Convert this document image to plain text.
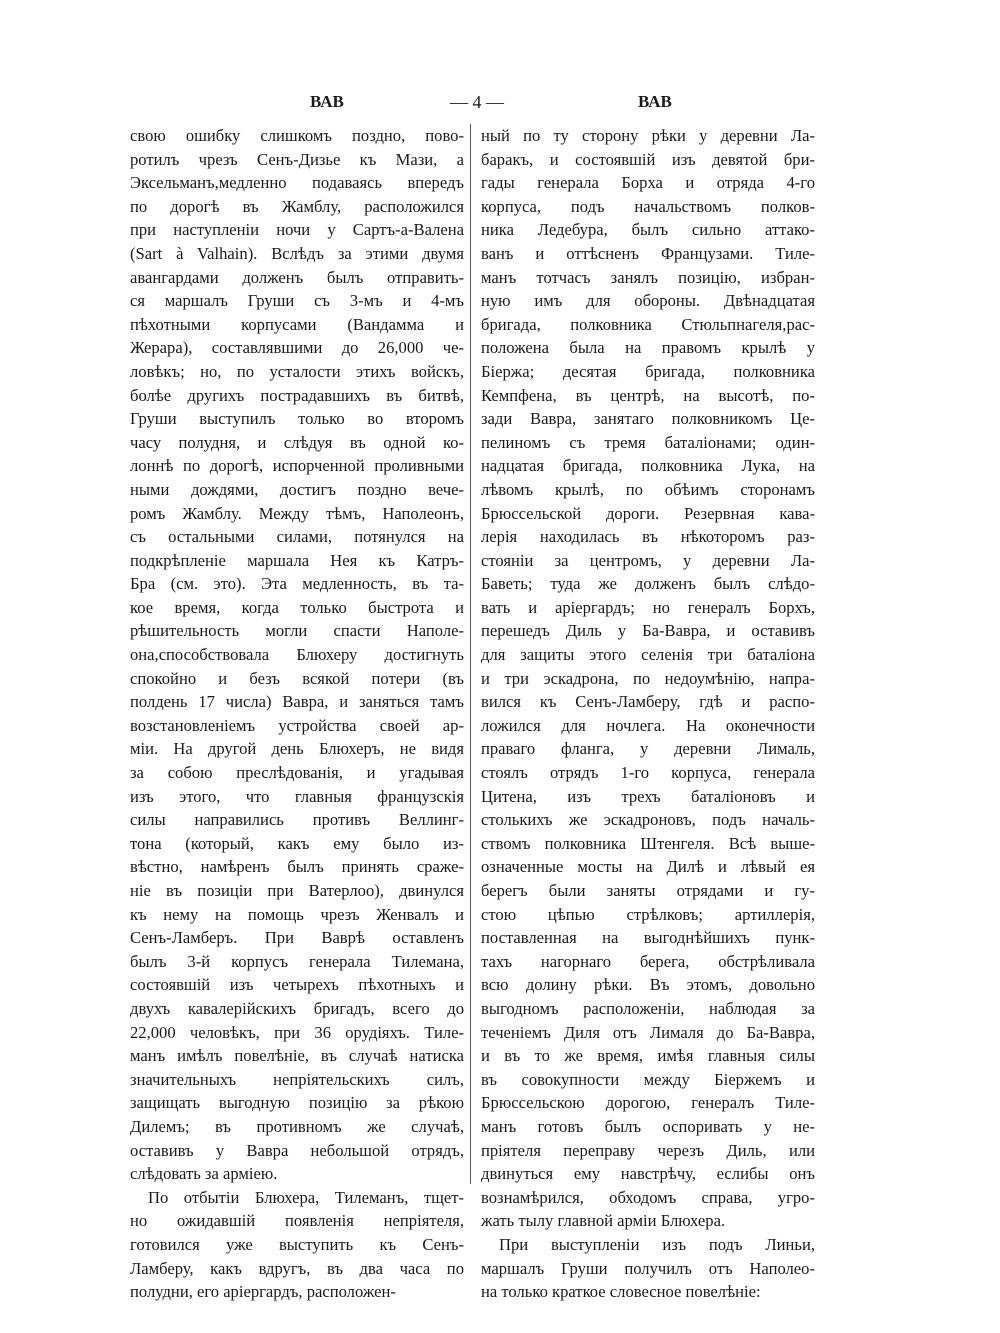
ВАВ	— 4 —	ВАВ
свою ошибку слишкомъ поздно, пово-
ротилъ чрезъ Сенъ-Дизье къ Мази, а
Эксельманъ,медленно подаваясь впередъ
по дорогѣ въ Жамблу, расположился
при наступленіи ночи у Сартъ-а-Валена
(Sart à Valhain). Вслѣдъ за этими двумя
авангардами долженъ былъ отправить-
ся маршалъ Груши съ 3-мъ и 4-мъ
пѣхотными корпусами (Вандамма и
Жерара), составлявшими до 26,000 че-
ловѣкъ; но, по усталости этихъ войскъ,
болѣе другихъ пострадавшихъ въ битвѣ,
Груши выступилъ только во второмъ
часу полудня, и слѣдуя въ одной ко-
лоннѣ по дорогѣ, испорченной проливными
ными дождями, достигъ поздно вече-
ромъ Жамблу. Между тѣмъ, Наполеонъ,
съ остальными силами, потянулся на
подкрѣпленіе маршала Нея къ Катръ-
Бра (см. это). Эта медленность, въ та-
кое время, когда только быстрота и
рѣшительность могли спасти Наполе-
она,способствовала Блюхеру достигнуть
спокойно и безъ всякой потери (въ
полдень 17 числа) Вавра, и заняться тамъ
возстановленіемъ устройства своей ар-
міи. На другой день Блюхеръ, не видя
за собою преслѣдованія, и угадывая
изъ этого, что главныя французскія
силы направились противъ Веллинг-
тона (который, какъ ему было из-
вѣстно, намѣренъ былъ принять сраже-
ніе въ позиціи при Ватерлоо), двинулся
къ нему на помощь чрезъ Женвалъ и
Сенъ-Ламберъ. При Ваврѣ оставленъ
былъ 3-й корпусъ генерала Тилемана,
состоявшій изъ четырехъ пѣхотныхъ и
двухъ кавалерійскихъ бригадъ, всего до
22,000 человѣкъ, при 36 орудіяхъ. Тиле-
манъ имѣлъ повелѣніе, въ случаѣ натиска
значительныхъ непріятельскихъ силъ,
защищать выгодную позицію за рѣкою
Дилемъ; въ противномъ же случаѣ,
оставивъ у Вавра небольшой отрядъ,
слѣдовать за арміею.
По отбытіи Блюхера, Тилеманъ, тщет-
но ожидавшій появленія непріятеля,
готовился уже выступить къ Сенъ-
Ламберу, какъ вдругъ, въ два часа по
полудни, его аріергардъ, расположен-
ный по ту сторону рѣки у деревни Ла-
баракъ, и состоявшій изъ девятой бри-
гады генерала Борха и отряда 4-го
корпуса, подъ начальствомъ полков-
ника Ледебура, былъ сильно аттако-
ванъ и оттѣсненъ Французами. Тиле-
манъ тотчасъ занялъ позицію, избран-
ную имъ для обороны. Двѣнадцатая
бригада, полковника Стюльпнагеля,рас-
положена была на правомъ крылѣ у
Біержа; десятая бригада, полковника
Кемпфена, въ центрѣ, на высотѣ, по-
зади Вавра, занятаго полковникомъ Це-
пелиномъ съ тремя баталіонами; один-
надцатая бригада, полковника Лука, на
лѣвомъ крылѣ, по обѣимъ сторонамъ
Брюссельской дороги. Резервная кава-
лерія находилась въ нѣкоторомъ раз-
стояніи за центромъ, у деревни Ла-
Баветь; туда же долженъ былъ слѣдо-
вать и аріергардъ; но генералъ Борхъ,
перешедъ Диль у Ба-Вавра, и оставивъ
для защиты этого селенія три баталіона
и три эскадрона, по недоумѣнію, напра-
вился къ Сенъ-Ламберу, гдѣ и распо-
ложился для ночлега. На оконечности
праваго фланга, у деревни Лималь,
стоялъ отрядъ 1-го корпуса, генерала
Цитена, изъ трехъ баталіоновъ и
столькихъ же эскадроновъ, подъ началь-
ствомъ полковника Штенгеля. Всѣ выше-
означенные мосты на Дилѣ и лѣвый ея
берегъ были заняты отрядами и гу-
стою цѣпью стрѣлковъ; артиллерія,
поставленная на выгоднѣйшихъ пунк-
тахъ нагорнаго берега, обстрѣливала
всю долину рѣки. Въ этомъ, довольно
выгодномъ расположеніи, наблюдая за
теченіемъ Диля отъ Лималя до Ба-Вавра,
и въ то же время, имѣя главныя силы
въ совокупности между Біержемъ и
Брюссельскою дорогою, генералъ Тиле-
манъ готовъ былъ оспоривать у не-
пріятеля переправу черезъ Диль, или
двинуться ему навстрѣчу, еслибы онъ
вознамѣрился, обходомъ справа, угро-
жать тылу главной арміи Блюхера.
При выступленіи изъ подъ Линьи,
маршалъ Груши получилъ отъ Наполео-
на только краткое словесное повелѣніе:
